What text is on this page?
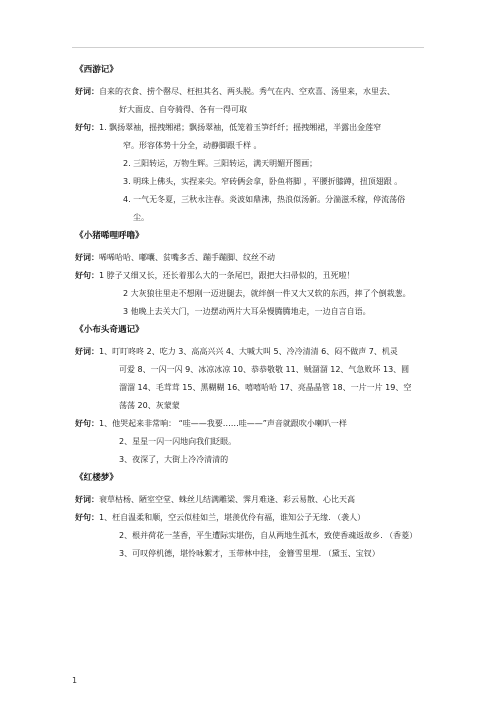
《西游记》
好词： 自来的衣食、捞个罄尽、枉担其名、两头脱。秀气在内、空欢喜、汤里来，水里去、
好大面皮、自夸骑得、各有一得可取
好句： 1. 飘扬翠袖，摇拽缃裙；飘扬翠袖，低笼着玉笋纤纤；摇拽缃裙，半露出金莲窄
窄。形容体势十分全，动静脚跟千样 。
2. 三阳转运，万物生辉。三阳转运，满天明媚开图画；
3. 明珠上佛头，实捏来尖。窄砖俩会拿，卧鱼将脚 ，平腰折膝蹲，扭顶翅跟 。
4. 一气无冬夏，三秋永注春。炎波如鼎沸，热浪似汤新。分湍滋禾稼，停流荡俗
尘。
《小猪唏哩呼噜》
好词： 唏唏哈哈、嘟囔、贫嘴多舌、蹦手蹦脚、纹丝不动
好句： 1 脖子又细又长，还长着那么大的一条尾巴，跟把大扫帚似的，丑死啦！
2 大灰狼往里走不想刚一迈进腿去，就绊倒一件又大又软的东西，摔了个倒栽葱。
3 他晚上去关大门，一边摆动两片大耳朵慢腾腾地走，一边自言自语。
《小布头奇遇记》
好词： 1、叮叮咚咚 2、吃力 3、高高兴兴 4、大喊大叫 5、冷冷清清 6、闷不做声 7、机灵
可爱 8、一闪一闪 9、冰凉冰凉 10、恭恭敬敬 11、贼溜溜 12、气急败坏 13、圆
溜溜 14、毛茸茸 15、黑糊糊 16、嘻嘻哈哈 17、亮晶晶管 18、一片一片 19、空
荡荡 20、灰蒙蒙
好句： 1、他哭起来非常响： “哇——我要……哇——”声音就跟吹小喇叭一样
2、星星一闪一闪地向我们眨眼。
3、夜深了，大街上冷冷清清的
《红楼梦》
好词： 衰草枯杨、陋室空堂、蛛丝儿结满雕梁、霁月难逢、彩云易散、心比天高
好句： 1、枉自温柔和顺，空云似桂如兰，堪羡优伶有福，谁知公子无缘. （袭人）
2、根并荷花一茎香，平生遭际实堪伤，自从两地生孤木，致使香魂返故乡. （香菱）
3、可叹停机德，堪怜咏絮才，玉带林中挂， 金簪雪里埋. （黛玉、宝钗）
1
